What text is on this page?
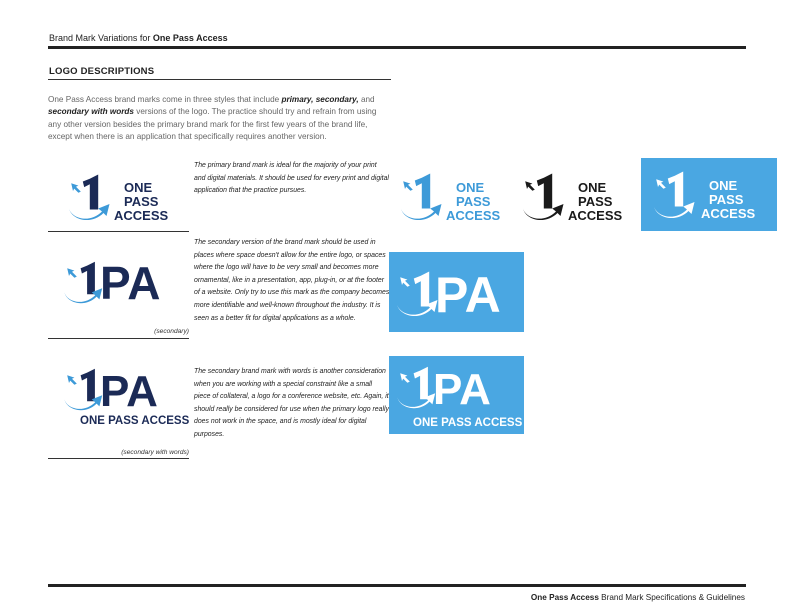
Brand Mark Variations for One Pass Access
LOGO DESCRIPTIONS
One Pass Access brand marks come in three styles that include primary, secondary, and secondary with words versions of the logo. The practice should try and refrain from using any other version besides the primary brand mark for the first few years of the brand life, except when there is an application that specifically requires another version.
ONE
PASS
ACCESS
The primary brand mark is ideal for the majority of your print and digital materials. It should be used for every print and digital application that the practice pursues.	ONE
PASS
ACCESS
ONE
PASS
ACCESS
ONE
PASS
ACCESS
PA
(secondary)
The secondary version of the brand mark should be used in places where space doesn't allow for the entire logo, or spaces where the logo will have to be very small and becomes more ornamental, like in a presentation, app, plug-in, or at the footer of a website. Only try to use this mark as the company becomes more identifiable and well-known throughout the industry. It is seen as a better fit for digital applications as a whole.	PA
PA
ONE PASS ACCESS
(secondary with words)
The secondary brand mark with words is another consideration when you are working with a special constraint like a small piece of collateral, a logo for a conference website, etc. Again, it should really be considered for use when the primary logo really does not work in the space, and is mostly ideal for digital purposes.
PA
ONE PASS ACCESS
One Pass Access Brand Mark Specifications & Guidelines
